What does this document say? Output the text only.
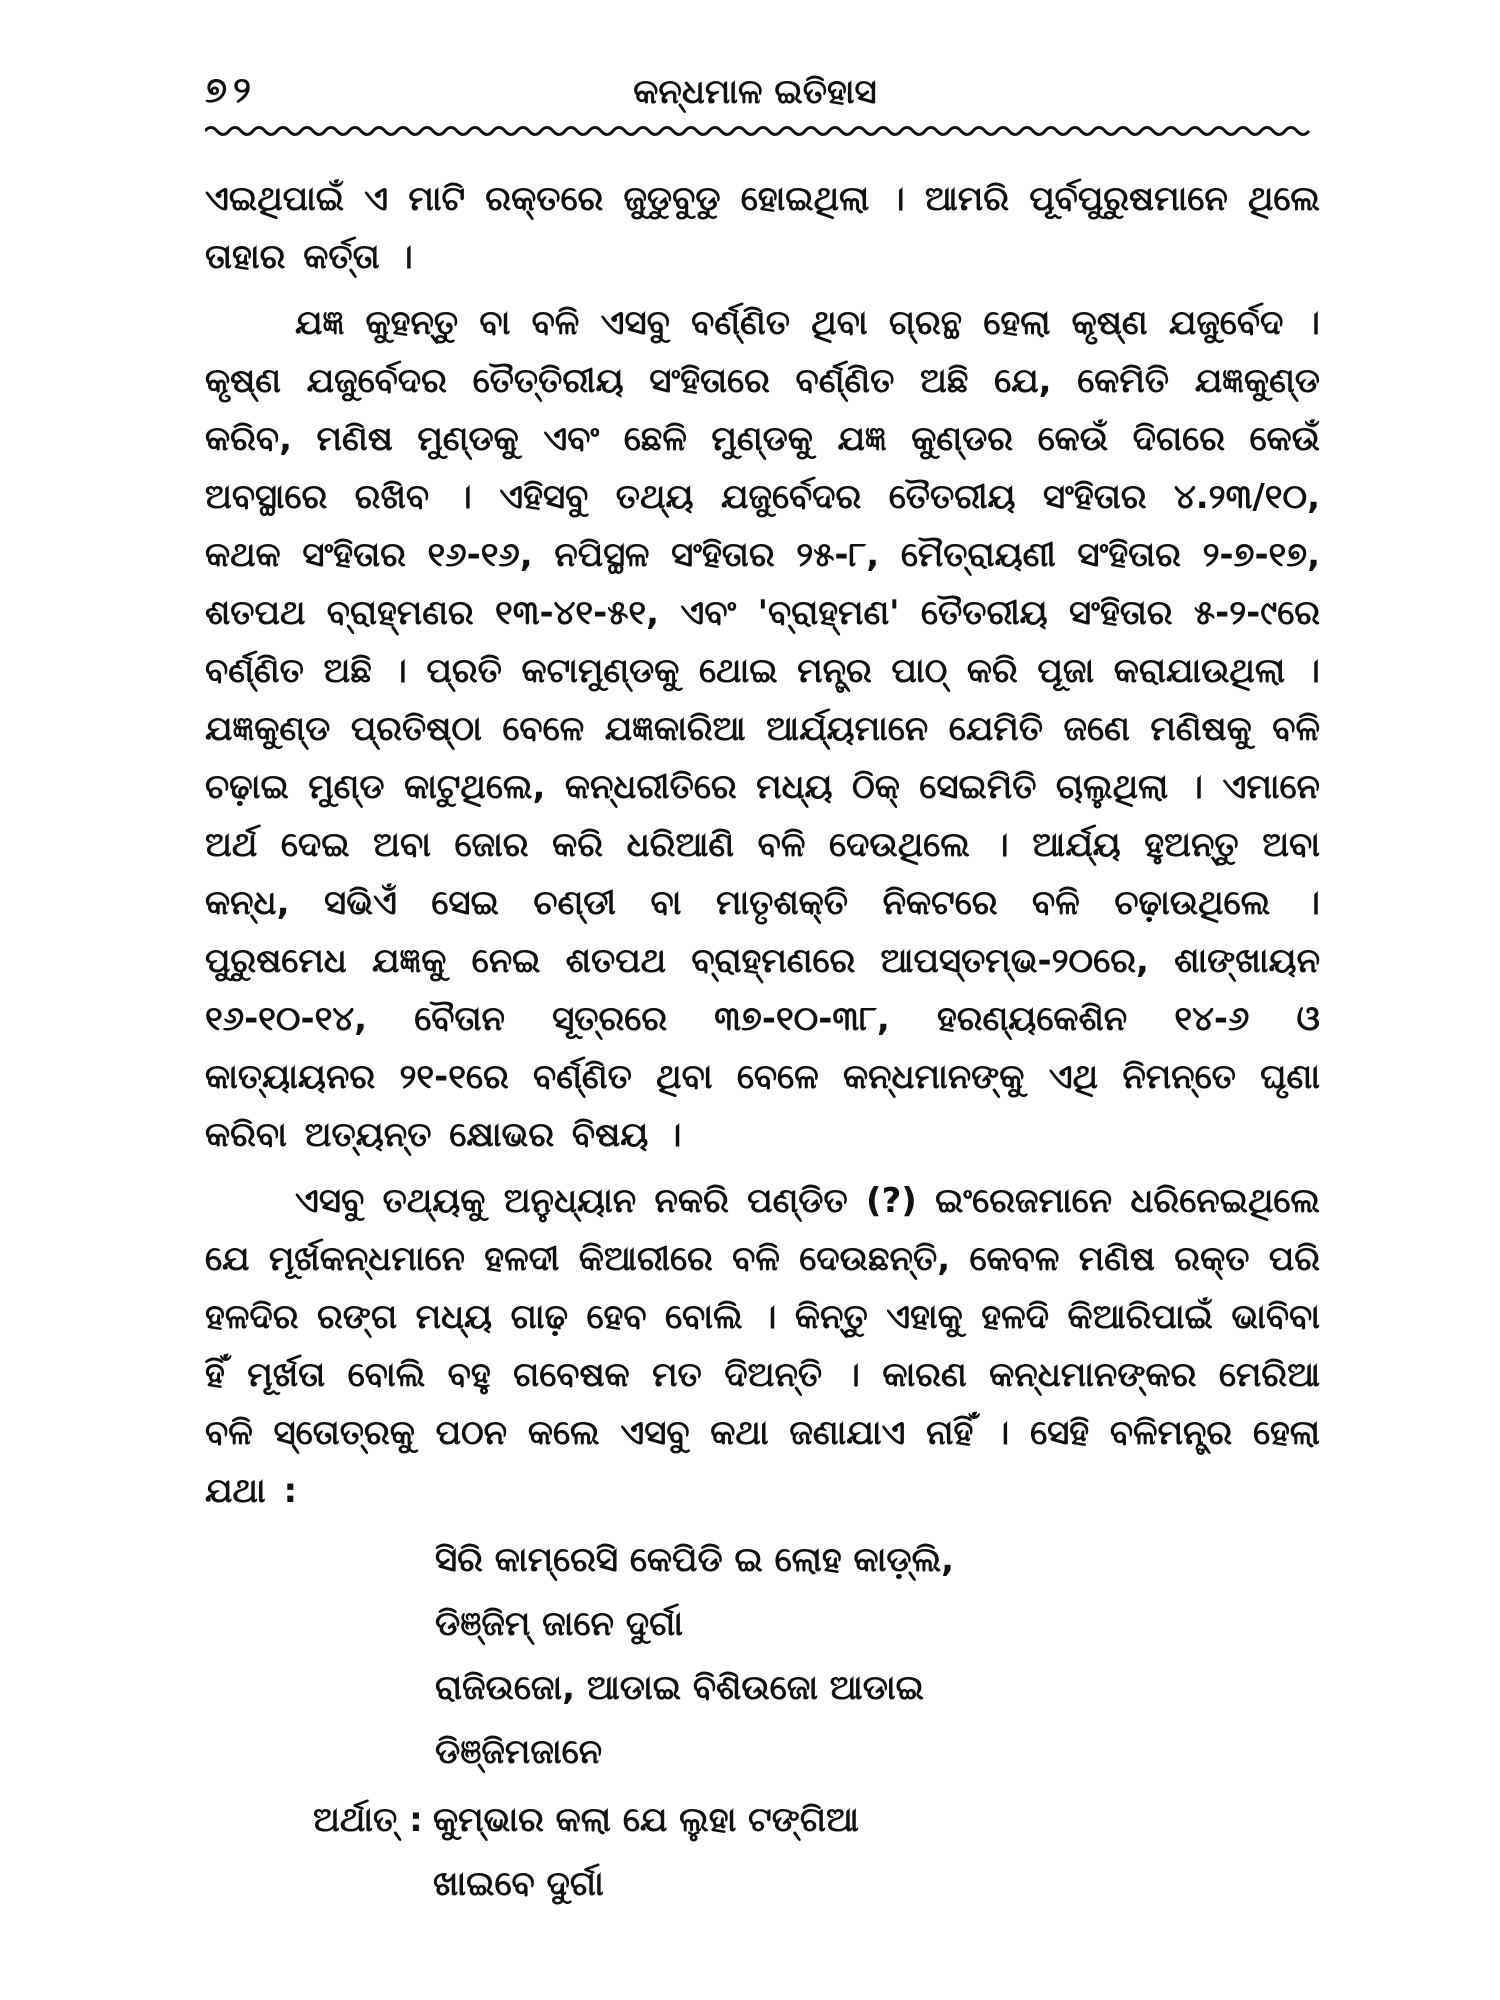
୭୨	କନ୍ଧମାଳ ଇତିହାସ

ଏଇଥିପାଇଁ ଏ ମାଟି ରକ୍ତରେ ଜୁଡୁବୁଡୁ ହୋଇଥିଲା । ଆମରି ପୂର୍ବପୁରୁଷମାନେ ଥିଲେ ତାହାର କର୍ତ୍ତା ।

ଯଜ୍ଞ କୁହନ୍ତୁ ବା ବଳି ଏସବୁ ବର୍ଣ୍ଣିତ ଥିବା ଗ୍ରନ୍ଥ ହେଲା କୃଷ୍ଣ ଯଜୁର୍ବେଦ । କୃଷ୍ଣ ଯଜୁର୍ବେଦର ତୈତ୍ତିରୀୟ ସଂହିତାରେ ବର୍ଣ୍ଣିତ ଅଛି ଯେ, କେମିତି ଯଜ୍ଞକୁଣ୍ଡ କରିବ, ମଣିଷ ମୁଣ୍ଡକୁ ଏବଂ ଛେଳି ମୁଣ୍ଡକୁ ଯଜ୍ଞ କୁଣ୍ଡର କେଉଁ ଦିଗରେ କେଉଁ ଅବସ୍ଥାରେ ରଖିବ । ଏହିସବୁ ତଥ୍ୟ ଯଜୁର୍ବେଦର ତୈତରୀୟ ସଂହିତାର ୪.୨୩/୧୦, କଥକ ସଂହିତାର ୧୬-୧୬, ନପିସ୍ଥଳ ସଂହିତାର ୨୫-୮, ମୈତ୍ରାୟଣୀ ସଂହିତାର ୨-୭-୧୭, ଶତପଥ ବ୍ରାହ୍ମଣର ୧୩-୪୧-୫୧, ଏବଂ 'ବ୍ରାହ୍ମଣ' ତୈତରୀୟ ସଂହିତାର ୫-୨-୯ରେ ବର୍ଣ୍ଣିତ ଅଛି । ପ୍ରତି କଟାମୁଣ୍ଡକୁ ଥୋଇ ମନ୍ତ୍ର ପାଠ୍ କରି ପୂଜା କରାଯାଉଥିଲା । ଯଜ୍ଞକୁଣ୍ଡ ପ୍ରତିଷ୍ଠା ବେଳେ ଯଜ୍ଞକାରିଆ ଆର୍ଯ୍ୟମାନେ ଯେମିତି ଜଣେ ମଣିଷକୁ ବଳି ଚଢ଼ାଇ ମୁଣ୍ଡ କାଟୁଥିଲେ, କନ୍ଧରୀତିରେ ମଧ୍ୟ ଠିକ୍ ସେଇମିତି ଚାଲୁଥିଲା । ଏମାନେ ଅର୍ଥ ଦେଇ ଅବା ଜୋର କରି ଧରିଆଣି ବଳି ଦେଉଥିଲେ । ଆର୍ଯ୍ୟ ହୁଅନ୍ତୁ ଅବା କନ୍ଧ, ସଭିଏଁ ସେଇ ଚଣ୍ଡୀ ବା ମାତୃଶକ୍ତି ନିକଟରେ ବଳି ଚଢ଼ାଉଥିଲେ । ପୁରୁଷମେଧ ଯଜ୍ଞକୁ ନେଇ ଶତପଥ ବ୍ରାହ୍ମଣରେ ଆପସ୍ତମ୍ଭ-୨୦ରେ, ଶାଙ୍ଖାୟନ ୧୬-୧୦-୧୪, ବୈତାନ ସୂତ୍ରରେ ୩୭-୧୦-୩୮, ହରଣ୍ୟକେଶିନ ୧୪-୬ ଓ କାତ୍ୟାୟନର ୨୧-୧ରେ ବର୍ଣ୍ଣିତ ଥିବା ବେଳେ କନ୍ଧମାନଙ୍କୁ ଏଥି ନିମନ୍ତେ ଘୃଣା କରିବା ଅତ୍ୟନ୍ତ କ୍ଷୋଭର ବିଷୟ ।

ଏସବୁ ତଥ୍ୟକୁ ଅନୁଧ୍ୟାନ ନକରି ପଣ୍ଡିତ (?) ଇଂରେଜମାନେ ଧରିନେଇଥିଲେ ଯେ ମୂର୍ଖକନ୍ଧମାନେ ହଳଦୀ କିଆରୀରେ ବଳି ଦେଉଛନ୍ତି, କେବଳ ମଣିଷ ରକ୍ତ ପରି ହଳଦିର ରଙ୍ଗ ମଧ୍ୟ ଗାଢ଼ ହେବ ବୋଲି । କିନ୍ତୁ ଏହାକୁ ହଳଦି କିଆରିପାଇଁ ଭାବିବା ହିଁ ମୂର୍ଖତା ବୋଲି ବହୁ ଗବେଷକ ମତ ଦିଅନ୍ତି । କାରଣ କନ୍ଧମାନଙ୍କର ମେରିଆ ବଳି ସ୍ତୋତ୍ରକୁ ପଠନ କଲେ ଏସବୁ କଥା ଜଣାଯାଏ ନାହିଁ । ସେହି ବଳିମନ୍ତ୍ର ହେଲା ଯଥା :

ସିରି କାମ୍ରେସି କେପିଡି ଇ ଲୋହ କାଡ଼୍ଲି,
ଡିଞ୍ଜିମ୍ ଜାନେ ଦୁର୍ଗା
ରାଜିଉଜୋ, ଆଡାଇ ବିଶିଉଜୋ ଆଡାଇ
ଡିଞ୍ଜିମଜାନେ
ଅର୍ଥାତ୍ : କୁମ୍ଭାର କଲା ଯେ ଲୁହା ଟଙ୍ଗିଆ
ଖାଇବେ ଦୁର୍ଗା
